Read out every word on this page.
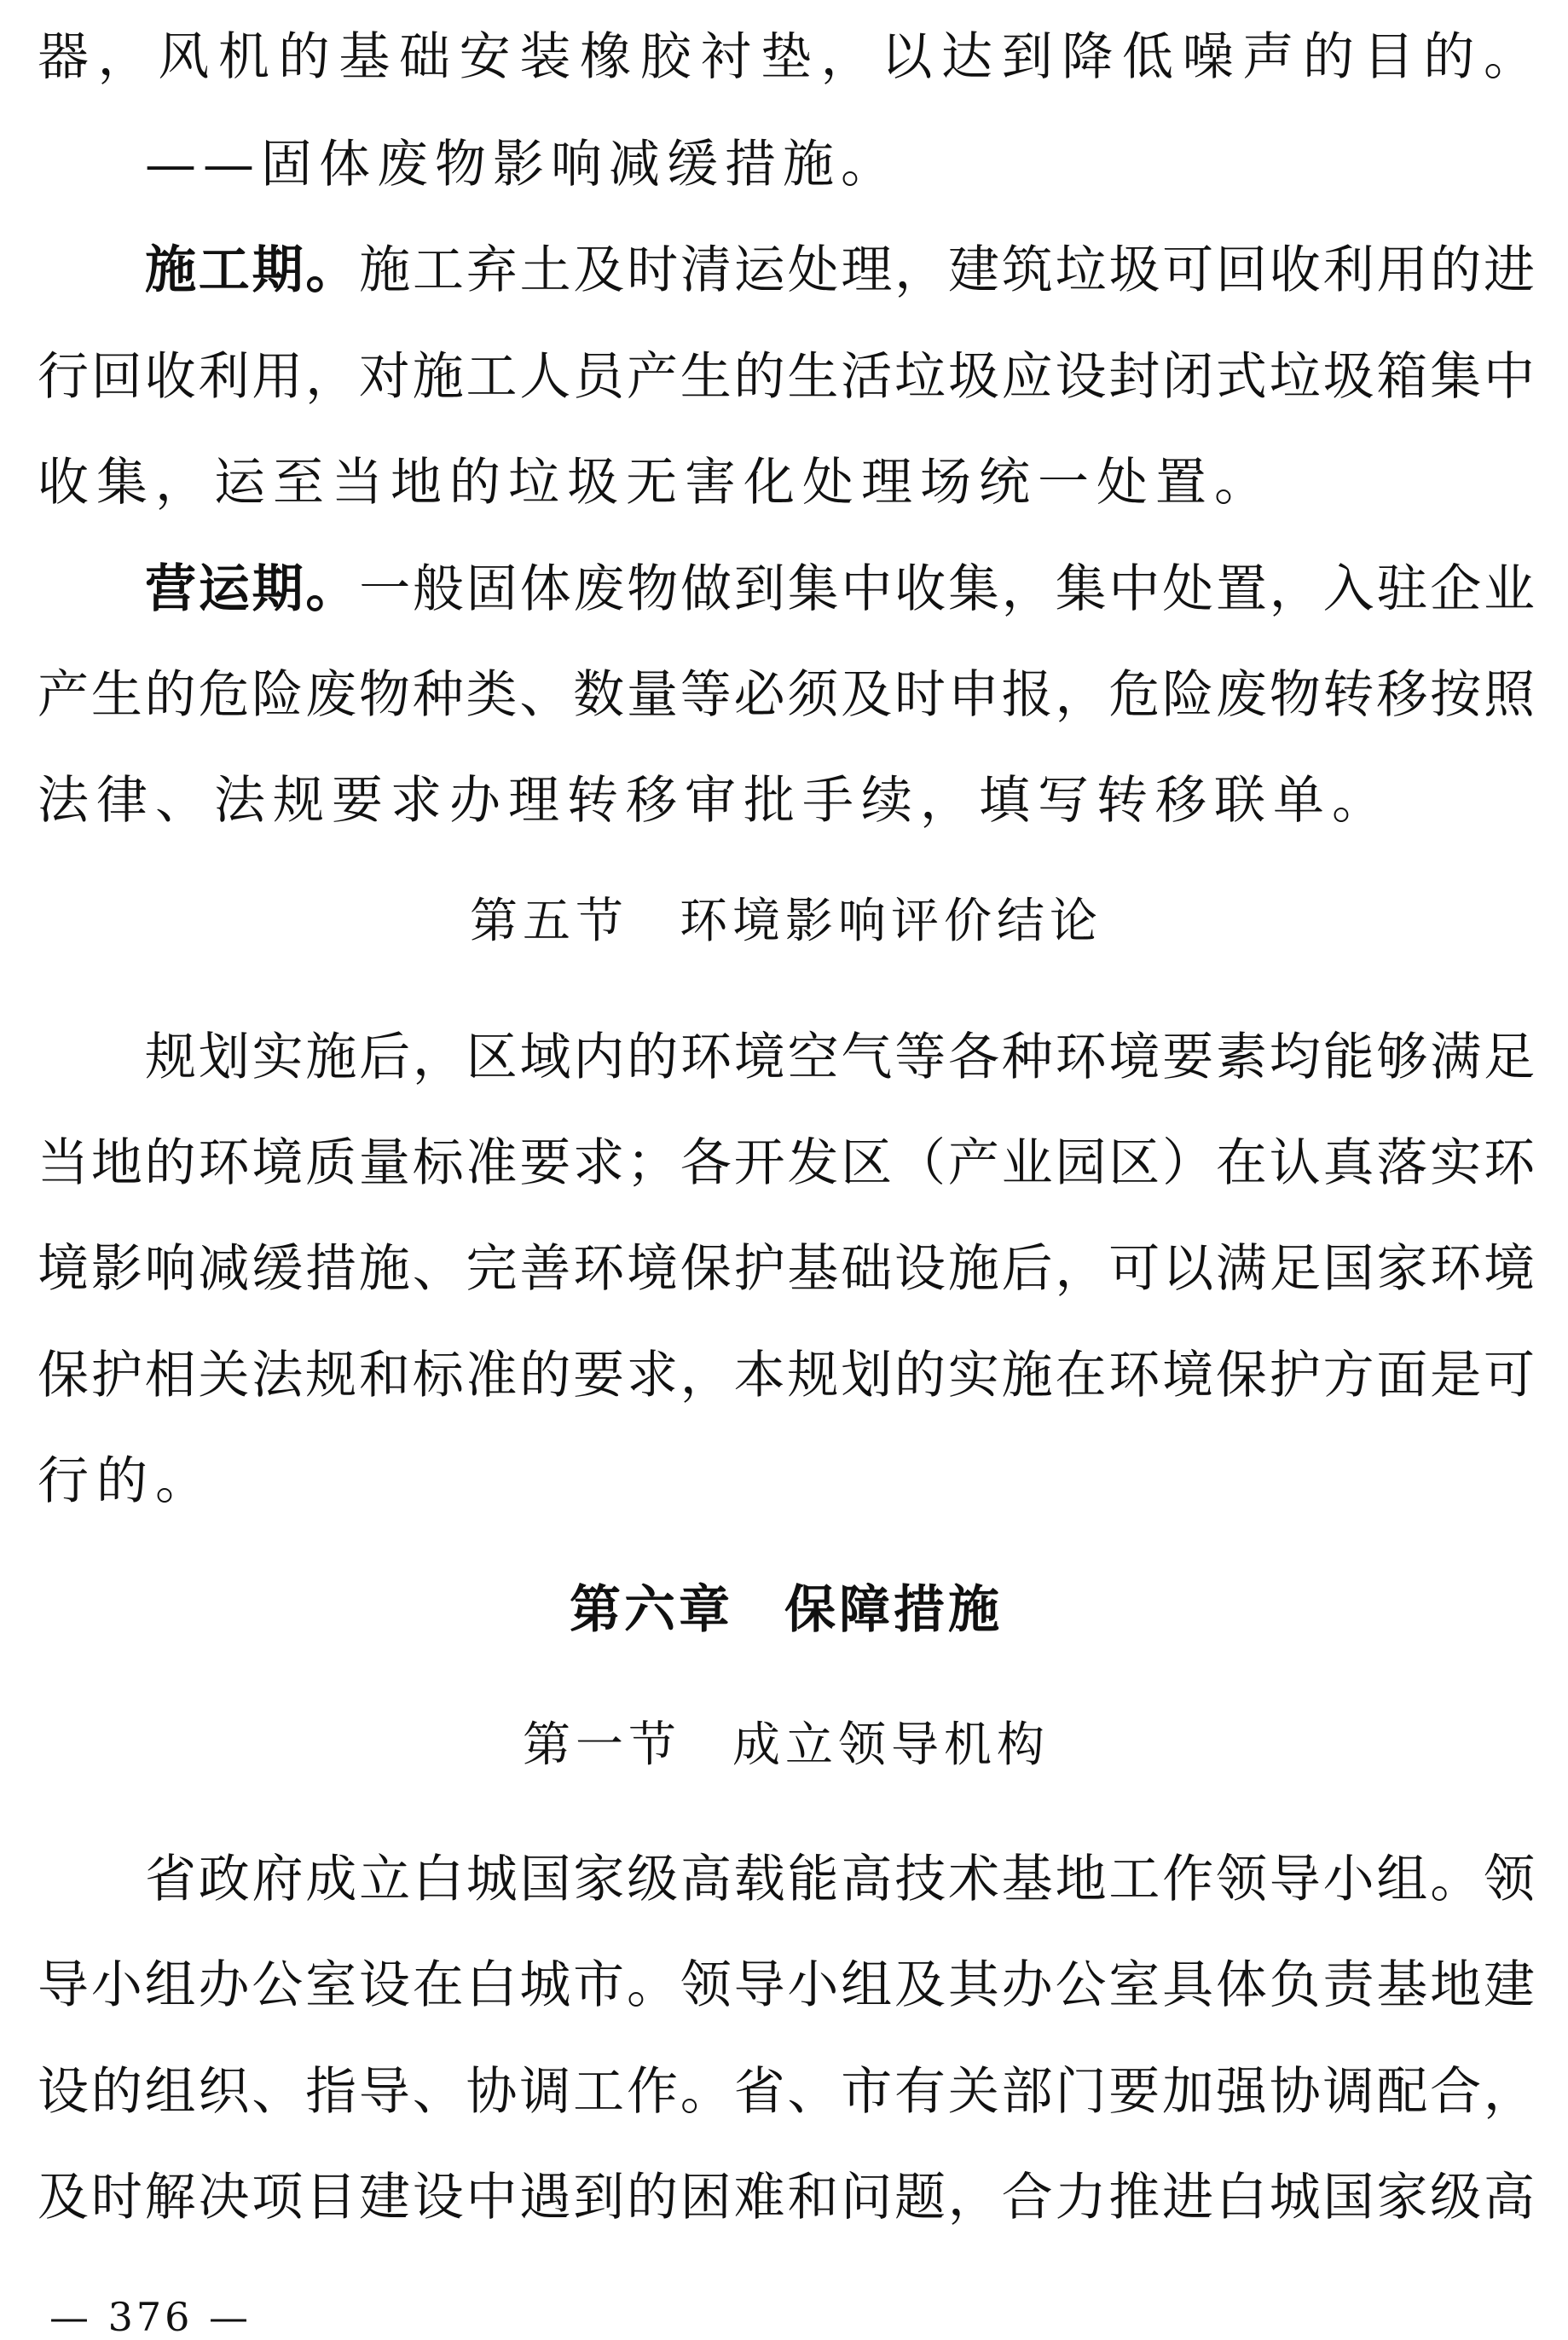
器，风机的基础安装橡胶衬垫，以达到降低噪声的目的。
——固体废物影响减缓措施。
施工期。施工弃土及时清运处理，建筑垃圾可回收利用的进
行回收利用，对施工人员产生的生活垃圾应设封闭式垃圾箱集中
收集，运至当地的垃圾无害化处理场统一处置。
营运期。一般固体废物做到集中收集，集中处置，入驻企业
产生的危险废物种类、数量等必须及时申报，危险废物转移按照
法律、法规要求办理转移审批手续，填写转移联单。
第五节 环境影响评价结论
规划实施后，区域内的环境空气等各种环境要素均能够满足
当地的环境质量标准要求；各开发区（产业园区）在认真落实环
境影响减缓措施、完善环境保护基础设施后，可以满足国家环境
保护相关法规和标准的要求，本规划的实施在环境保护方面是可
行的。
第六章 保障措施
第一节 成立领导机构
省政府成立白城国家级高载能高技术基地工作领导小组。领
导小组办公室设在白城市。领导小组及其办公室具体负责基地建
设的组织、指导、协调工作。省、市有关部门要加强协调配合，
及时解决项目建设中遇到的困难和问题，合力推进白城国家级高
— 376 —
